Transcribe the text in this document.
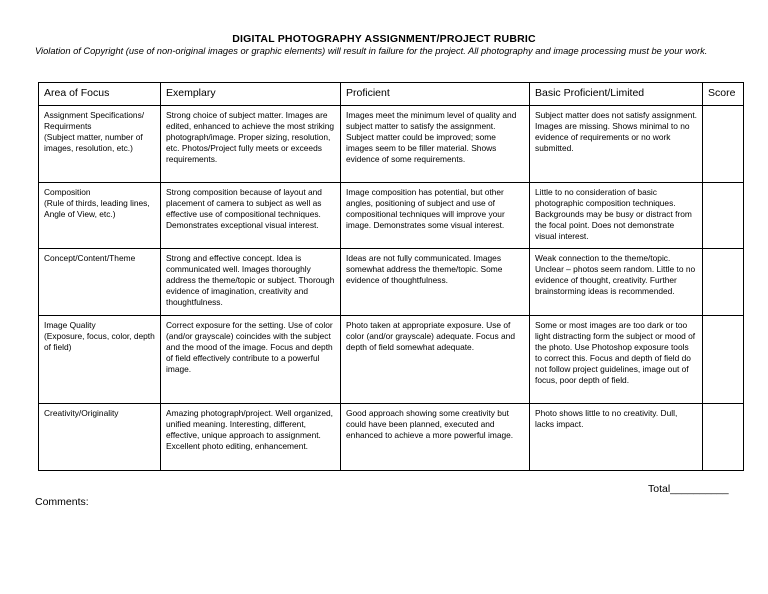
DIGITAL PHOTOGRAPHY ASSIGNMENT/PROJECT RUBRIC
Violation of Copyright (use of non-original images or graphic elements) will result in failure for the project. All photography and image processing must be your work.
Area of Focus	Exemplary	Proficient	Basic Proficient/Limited	Score

Assignment Specifications/ Requirments
(Subject matter, number of images, resolution, etc.)	Strong choice of subject matter. Images are edited, enhanced to achieve the most striking photograph/image. Proper sizing, resolution, etc. Photos/Project fully meets or exceeds requirements.	Images meet the minimum level of quality and subject matter to satisfy the assignment. Subject matter could be improved; some images seem to be filler material. Shows evidence of some requirements.	Subject matter does not satisfy assignment. Images are missing. Shows minimal to no evidence of requirements or no work submitted.	

Composition
(Rule of thirds, leading lines, Angle of View, etc.)	Strong composition because of layout and placement of camera to subject as well as effective use of compositional techniques. Demonstrates exceptional visual interest.	Image composition has potential, but other angles, positioning of subject and use of compositional techniques will improve your image. Demonstrates some visual interest.	Little to no consideration of basic photographic composition techniques. Backgrounds may be busy or distract from the focal point. Does not demonstrate visual interest.	

Concept/Content/Theme	Strong and effective concept. Idea is communicated well. Images thoroughly address the theme/topic or subject. Thorough evidence of imagination, creativity and thoughtfulness.	Ideas are not fully communicated. Images somewhat address the theme/topic. Some evidence of thoughtfulness.	Weak connection to the theme/topic. Unclear – photos seem random. Little to no evidence of thought, creativity. Further brainstorming ideas is recommended.	

Image Quality
(Exposure, focus, color, depth of field)	Correct exposure for the setting. Use of color (and/or grayscale) coincides with the subject and the mood of the image. Focus and depth of field effectively contribute to a powerful image.	Photo taken at appropriate exposure. Use of color (and/or grayscale) adequate. Focus and depth of field somewhat adequate.	Some or most images are too dark or too light distracting form the subject or mood of the photo. Use Photoshop exposure tools to correct this. Focus and depth of field do not follow project guidelines, image out of focus, poor depth of field.	

Creativity/Originality	Amazing photograph/project. Well organized, unified meaning. Interesting, different, effective, unique approach to assignment. Excellent photo editing, enhancement.	Good approach showing some creativity but could have been planned, executed and enhanced to achieve a more powerful image.	Photo shows little to no creativity. Dull, lacks impact.	
Total__________
Comments:
